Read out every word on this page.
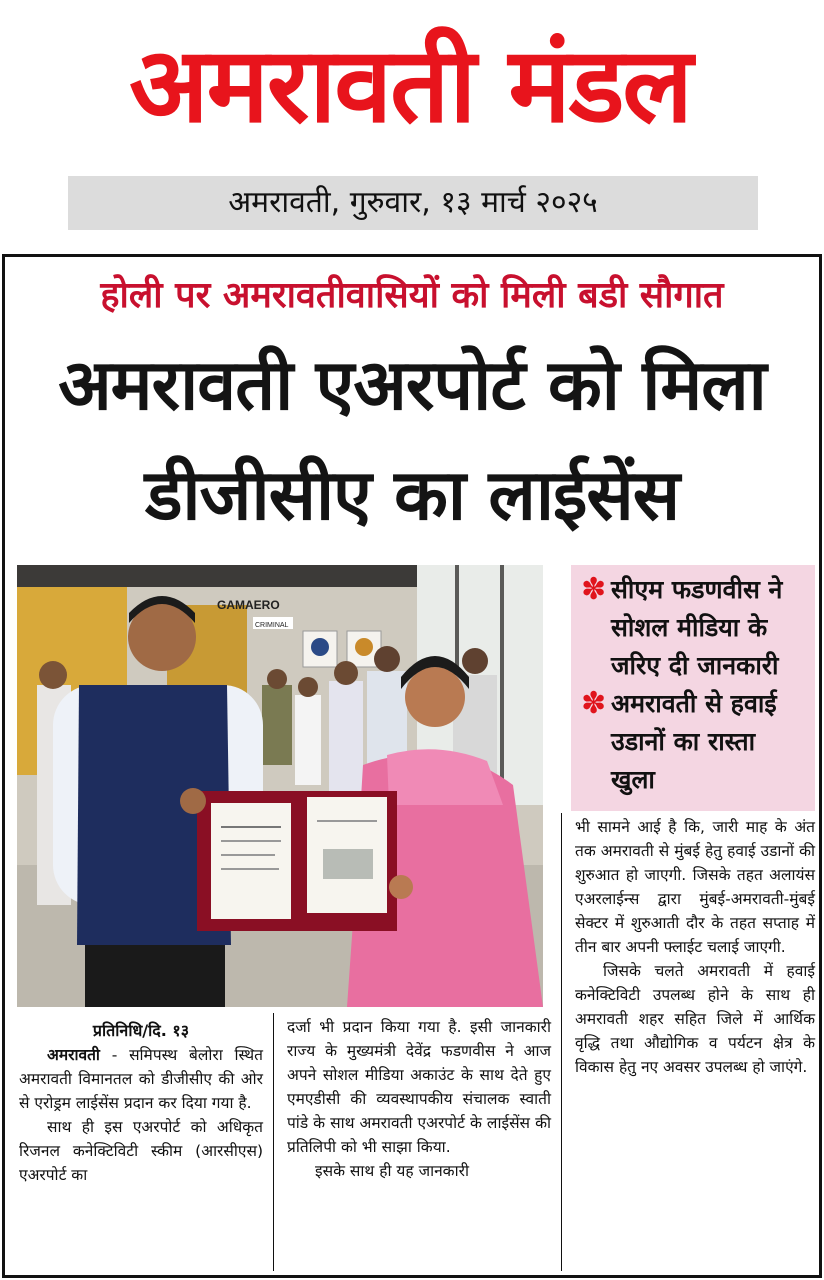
अमरावती मंडल
अमरावती, गुरुवार, १३ मार्च २०२५
होली पर अमरावतीवासियों को मिली बडी सौगात
अमरावती एअरपोर्ट को मिला
डीजीसीए का लाईसेंस
GAMAERO
CRIMINAL
✽ सीएम फडणवीस ने सोशल मीडिया के जरिए दी जानकारी
✽ अमरावती से हवाई उडानों का रास्ता खुला

प्रतिनिधि/दि. १३

अमरावती - समिपस्थ बेलोरा स्थित अमरावती विमानतल को डीजीसीए की ओर से एरोड्रम लाईसेंस प्रदान कर दिया गया है.

साथ ही इस एअरपोर्ट को अधिकृत रिजनल कनेक्टिविटी स्कीम (आरसीएस) एअरपोर्ट का

दर्जा भी प्रदान किया गया है. इसी जानकारी राज्य के मुख्यमंत्री देवेंद्र फडणवीस ने आज अपने सोशल मीडिया अकाउंट के साथ देते हुए एमएडीसी की व्यवस्थापकीय संचालक स्वाती पांडे के साथ अमरावती एअरपोर्ट के लाईसेंस की प्रतिलिपी को भी साझा किया.

इसके साथ ही यह जानकारी

भी सामने आई है कि, जारी माह के अंत तक अमरावती से मुंबई हेतु हवाई उडानों की शुरुआत हो जाएगी. जिसके तहत अलायंस एअरलाईन्स द्वारा मुंबई-अमरावती-मुंबई सेक्टर में शुरुआती दौर के तहत सप्ताह में तीन बार अपनी फ्लाईट चलाई जाएगी.

जिसके चलते अमरावती में हवाई कनेक्टिविटी उपलब्ध होने के साथ ही अमरावती शहर सहित जिले में आर्थिक वृद्धि तथा औद्योगिक व पर्यटन क्षेत्र के विकास हेतु नए अवसर उपलब्ध हो जाएंगे.
